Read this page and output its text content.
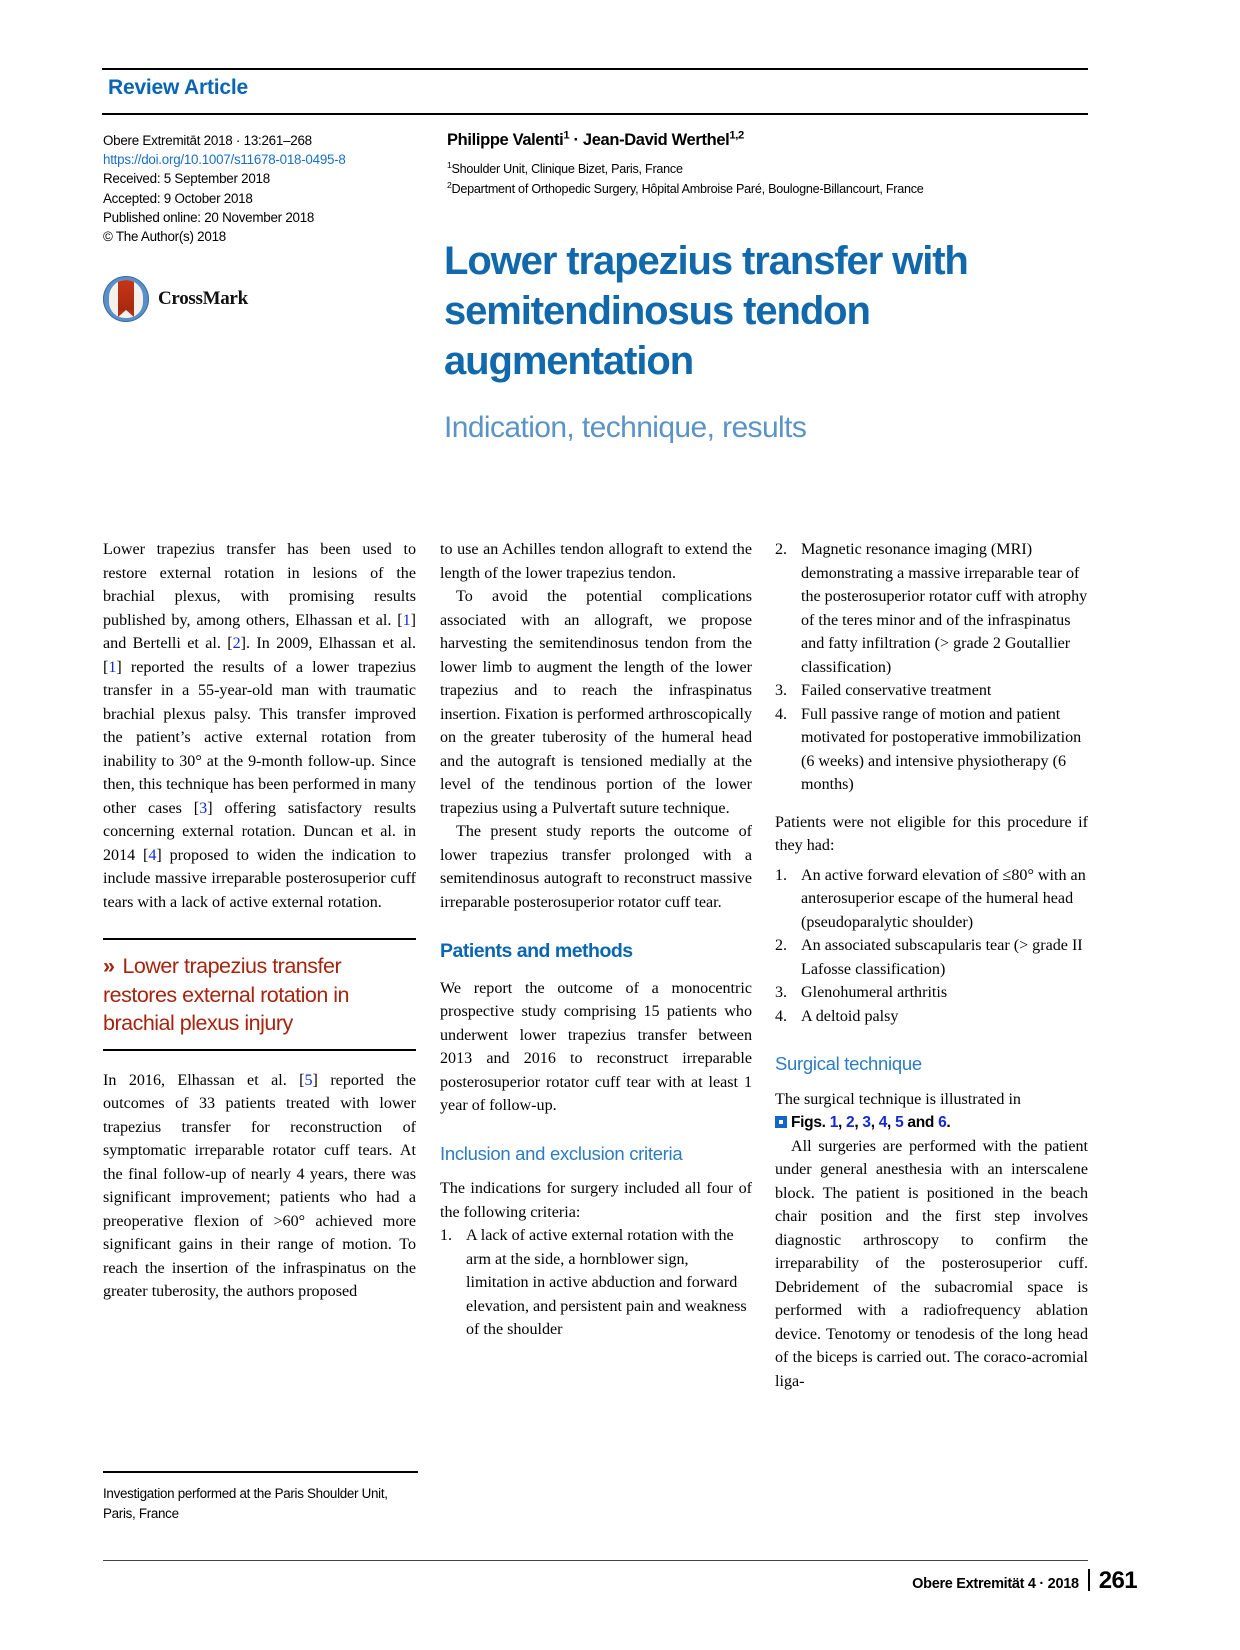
Review Article
Obere Extremitāt 2018 · 13:261–268
https://doi.org/10.1007/s11678-018-0495-8
Received: 5 September 2018
Accepted: 9 October 2018
Published online: 20 November 2018
© The Author(s) 2018
CrossMark
Philippe Valenti$^1$ · Jean-David Werthel$^{1,2}$
$^1$Shoulder Unit, Clinique Bizet, Paris, France
$^2$Department of Orthopedic Surgery, Hôpital Ambroise Paré, Boulogne-Billancourt, France
Lower trapezius transfer with semitendinosus tendon augmentation
Indication, technique, results

Lower trapezius transfer has been used to restore external rotation in lesions of the brachial plexus, with promising results published by, among others, Elhassan et al. [1] and Bertelli et al. [2]. In 2009, Elhassan et al. [1] reported the results of a lower trapezius transfer in a 55-year-old man with traumatic brachial plexus palsy. This transfer improved the patient’s active external rotation from inability to 30° at the 9-month follow-up. Since then, this technique has been performed in many other cases [3] offering satisfactory results concerning external rotation. Duncan et al. in 2014 [4] proposed to widen the indication to include massive irreparable posterosuperior cuff tears with a lack of active external rotation.

» Lower trapezius transfer restores external rotation in brachial plexus injury

In 2016, Elhassan et al. [5] reported the outcomes of 33 patients treated with lower trapezius transfer for reconstruction of symptomatic irreparable rotator cuff tears. At the final follow-up of nearly 4 years, there was significant improvement; patients who had a preoperative flexion of >60° achieved more significant gains in their range of motion. To reach the insertion of the infraspinatus on the greater tuberosity, the authors proposed

Investigation performed at the Paris Shoulder Unit, Paris, France

to use an Achilles tendon allograft to extend the length of the lower trapezius tendon.

To avoid the potential complications associated with an allograft, we propose harvesting the semitendinosus tendon from the lower limb to augment the length of the lower trapezius and to reach the infraspinatus insertion. Fixation is performed arthroscopically on the greater tuberosity of the humeral head and the autograft is tensioned medially at the level of the tendinous portion of the lower trapezius using a Pulvertaft suture technique.

The present study reports the outcome of lower trapezius transfer prolonged with a semitendinosus autograft to reconstruct massive irreparable posterosuperior rotator cuff tear.

Patients and methods

We report the outcome of a monocentric prospective study comprising 15 patients who underwent lower trapezius transfer between 2013 and 2016 to reconstruct irreparable posterosuperior rotator cuff tear with at least 1 year of follow-up.

Inclusion and exclusion criteria

The indications for surgery included all four of the following criteria:

1. A lack of active external rotation with the arm at the side, a hornblower sign, limitation in active abduction and forward elevation, and persistent pain and weakness of the shoulder
2. Magnetic resonance imaging (MRI) demonstrating a massive irreparable tear of the posterosuperior rotator cuff with atrophy of the teres minor and of the infraspinatus and fatty infiltration (> grade 2 Goutallier classification)
3. Failed conservative treatment
4. Full passive range of motion and patient motivated for postoperative immobilization (6 weeks) and intensive physiotherapy (6 months)

Patients were not eligible for this procedure if they had:

1. An active forward elevation of ≤80° with an anterosuperior escape of the humeral head (pseudoparalytic shoulder)
2. An associated subscapularis tear (> grade II Lafosse classification)
3. Glenohumeral arthritis
4. A deltoid palsy
Surgical technique

The surgical technique is illustrated in

Figs. 1, 2, 3, 4, 5 and 6.

All surgeries are performed with the patient under general anesthesia with an interscalene block. The patient is positioned in the beach chair position and the first step involves diagnostic arthroscopy to confirm the irreparability of the posterosuperior cuff. Debridement of the subacromial space is performed with a radiofrequency ablation device. Tenotomy or tenodesis of the long head of the biceps is carried out. The coraco-acromial liga-

Obere Extremität 4 · 2018 261
